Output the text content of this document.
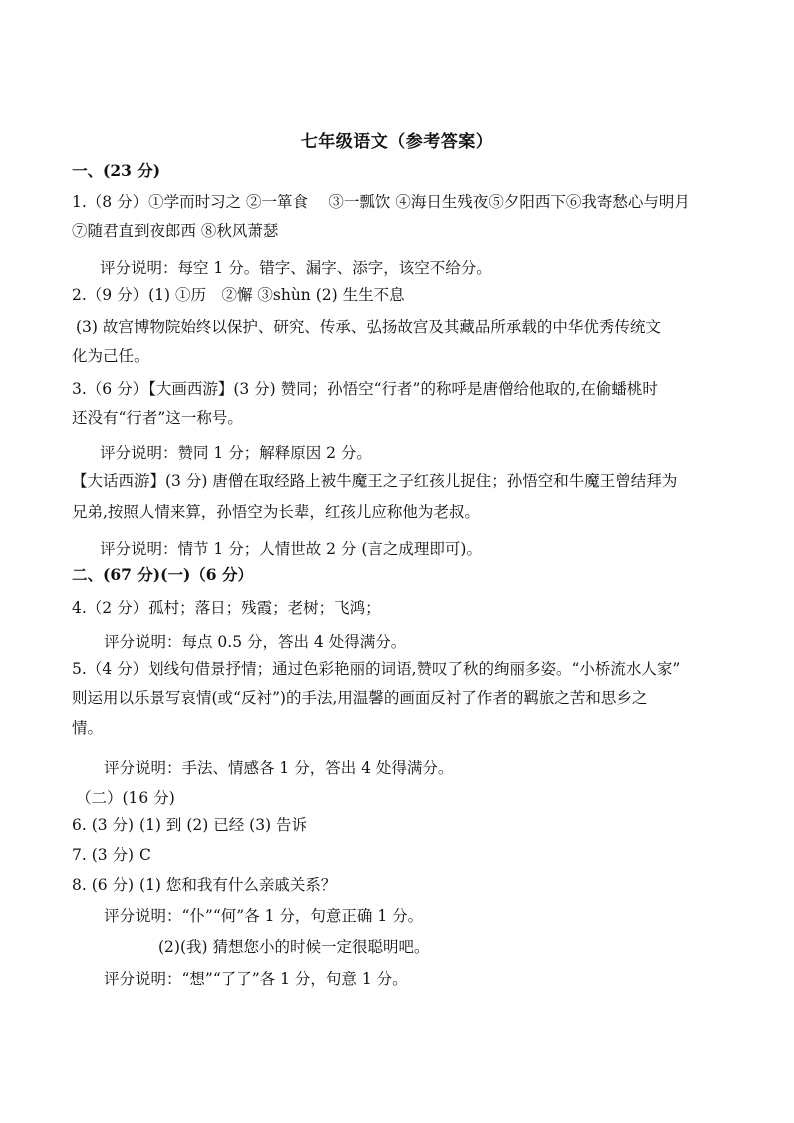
七年级语文（参考答案）
一、(23 分)
1.（8 分）①学而时习之 ②一箪食　 ③一瓢饮 ④海日生残夜⑤夕阳西下⑥我寄愁心与明月
⑦随君直到夜郎西 ⑧秋风萧瑟
评分说明：每空 1 分。错字、漏字、添字，该空不给分。
2.（9 分）(1) ①历　②懈 ③shùn (2) 生生不息
(3) 故宫博物院始终以保护、研究、传承、弘扬故宫及其藏品所承载的中华优秀传统文
化为己任。
3.（6 分）【大画西游】(3 分) 赞同；孙悟空“行者”的称呼是唐僧给他取的,在偷蟠桃时
还没有“行者”这一称号。
评分说明：赞同 1 分；解释原因 2 分。
【大话西游】(3 分) 唐僧在取经路上被牛魔王之子红孩儿捉住；孙悟空和牛魔王曾结拜为
兄弟,按照人情来算，孙悟空为长辈，红孩儿应称他为老叔。
评分说明：情节 1 分；人情世故 2 分 (言之成理即可)。
二、(67 分)(一)（6 分）
4.（2 分）孤村；落日；残霞；老树；飞鸿；
评分说明：每点 0.5 分，答出 4 处得满分。
5.（4 分）划线句借景抒情；通过色彩艳丽的词语,赞叹了秋的绚丽多姿。“小桥流水人家”
则运用以乐景写哀情(或“反衬”)的手法,用温馨的画面反衬了作者的羁旅之苦和思乡之
情。
评分说明：手法、情感各 1 分，答出 4 处得满分。
（二）(16 分)
6. (3 分) (1) 到 (2) 已经 (3) 告诉
7. (3 分) C
8. (6 分) (1) 您和我有什么亲戚关系？
评分说明：“仆”“何”各 1 分，句意正确 1 分。
(2)(我) 猜想您小的时候一定很聪明吧。
评分说明：“想”“了了”各 1 分，句意 1 分。
